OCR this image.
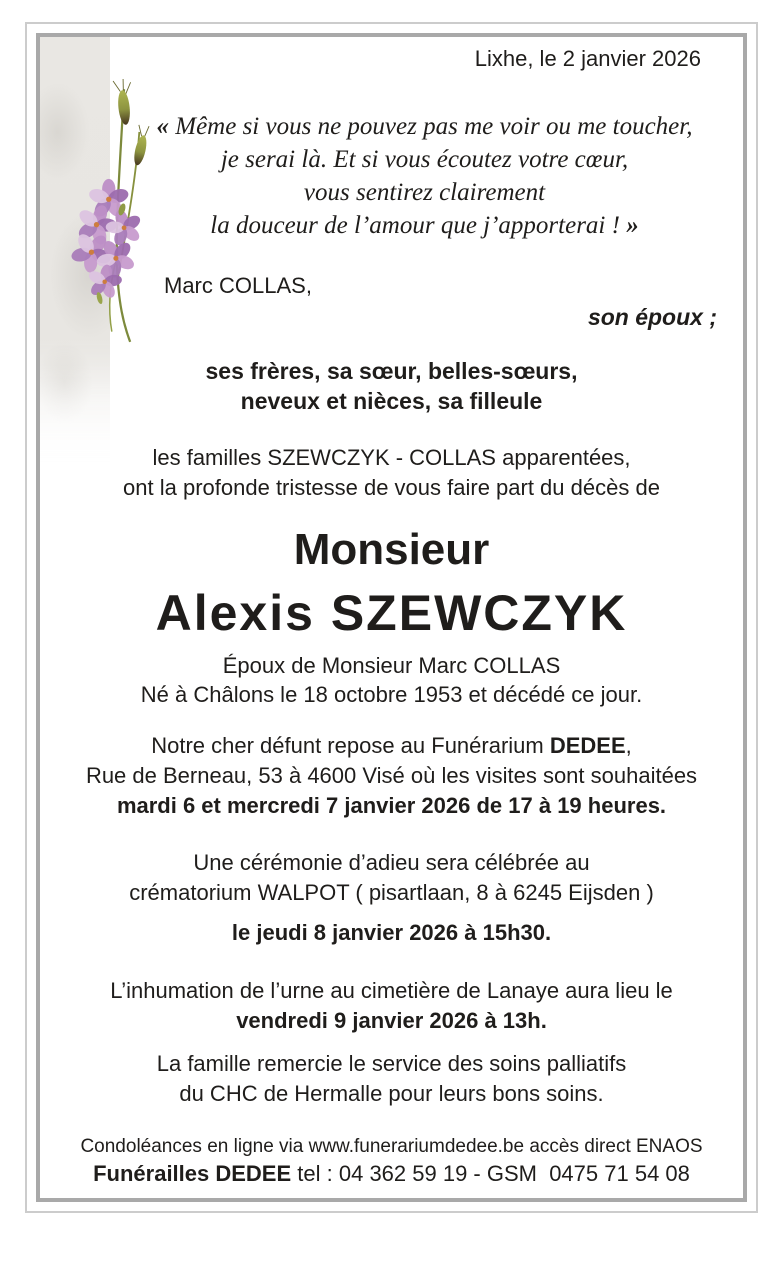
Lixhe, le 2 janvier 2026
« Même si vous ne pouvez pas me voir ou me toucher,
je serai là. Et si vous écoutez votre cœur,
vous sentirez clairement
la douceur de l’amour que j’apporterai ! »
Marc COLLAS,
son époux ;
ses frères, sa sœur, belles-sœurs,
neveux et nièces, sa filleule
les familles SZEWCZYK - COLLAS apparentées,
ont la profonde tristesse de vous faire part du décès de
Monsieur
Alexis SZEWCZYK
Époux de Monsieur Marc COLLAS
Né à Châlons le 18 octobre 1953 et décédé ce jour.
Notre cher défunt repose au Funérarium DEDEE,
Rue de Berneau, 53 à 4600 Visé où les visites sont souhaitées
mardi 6 et mercredi 7 janvier 2026 de 17 à 19 heures.
Une cérémonie d’adieu sera célébrée au
crématorium WALPOT ( pisartlaan, 8 à 6245 Eijsden )
le jeudi 8 janvier 2026 à 15h30.
L’inhumation de l’urne au cimetière de Lanaye aura lieu le
vendredi 9 janvier 2026 à 13h.
La famille remercie le service des soins palliatifs
du CHC de Hermalle pour leurs bons soins.
Condoléances en ligne via www.funerariumdedee.be accès direct ENAOS
Funérailles DEDEE tel : 04 362 59 19 - GSM  0475 71 54 08
